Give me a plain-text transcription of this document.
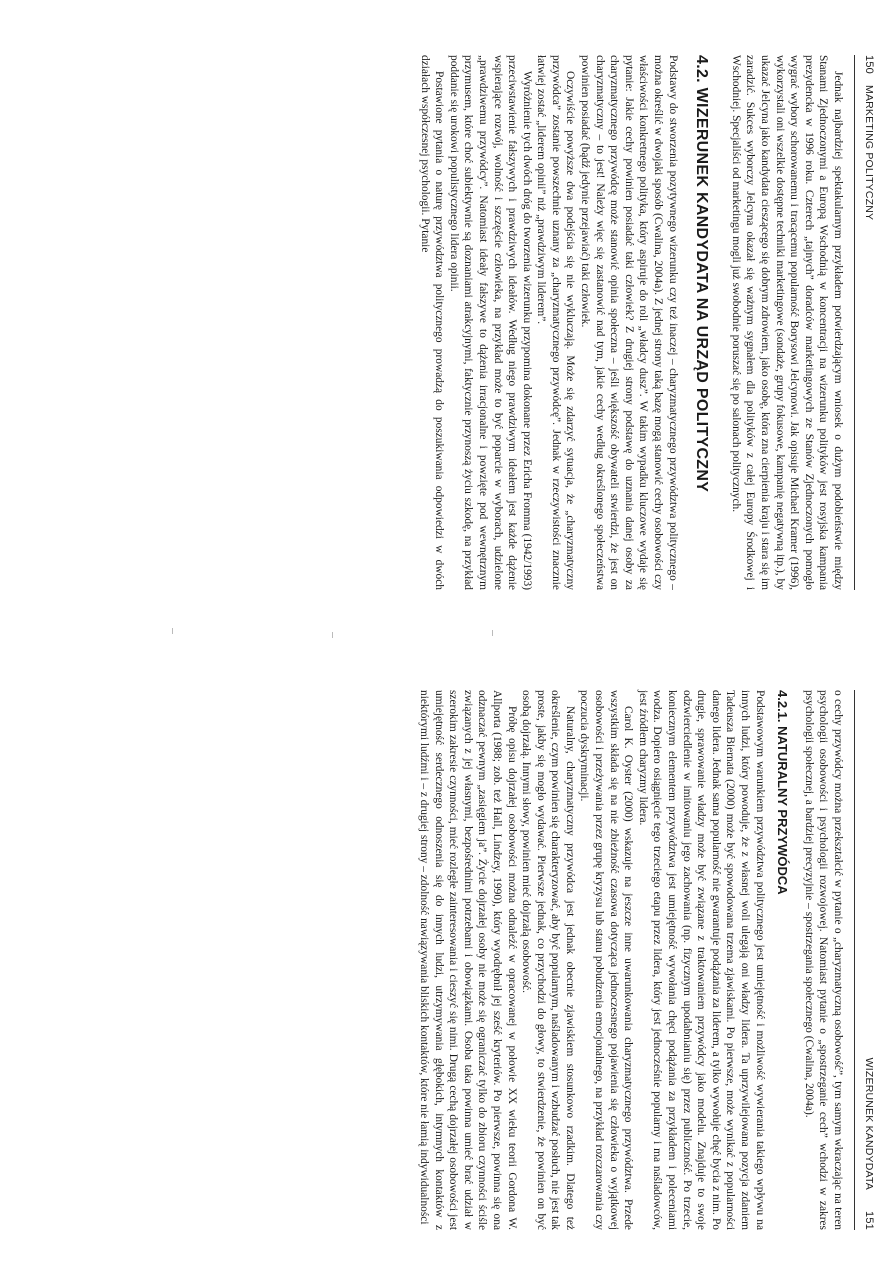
150
MARKETING POLITYCZNY

Jednak najbardziej spektakularnym przykładem potwierdzającym wniosek o dużym podobieństwie między Stanami Zjednoczonymi a Europą Wschodnią w koncentracji na wizerunku polityków jest rosyjska kampania prezydencka w 1996 roku. Czterech „tajnych” doradców marketingowych ze Stanów Zjednoczonych pomogło wygrać wybory schorowanemu i tracącemu popularność Borysowi Jelcynowi. Jak opisuje Michael Kramer (1996), wykorzystali oni wszelkie dostępne techniki marketingowe (sondaże, grupy fokusowe, kampanię negatywną itp.), by ukazać Jelcyna jako kandydata cieszącego się dobrym zdrowiem, jako osobę, która zna cierpienia kraju i stara się im zaradzić. Sukces wyborczy Jelcyna okazał się ważnym sygnałem dla polityków z całej Europy Środkowej i Wschodniej. Specjaliści od marketingu mogli już swobodnie poruszać się po salonach politycznych.

4.2. WIZERUNEK KANDYDATA NA URZĄD POLITYCZNY

Podstawy do stworzenia pozytywnego wizerunku czy też inaczej – charyzmatycznego przywództwa politycznego – można określić w dwojaki sposób (Cwalina, 2004a). Z jednej strony taką bazę mogą stanowić cechy osobowości czy właściwości konkretnego polityka, który aspiruje do roli „władcy dusz”. W takim wypadku kluczowe wydaje się pytanie: Jakie cechy powinien posiadać taki człowiek? Z drugiej strony podstawę do uznania danej osoby za charyzmatycznego przywódcę może stanowić opinia społeczna – jeśli większość obywateli stwierdzi, że jest on charyzmatyczny – to jest! Należy więc się zastanowić nad tym, jakie cechy według określonego społeczeństwa powinien posiadać (bądź jedynie przejawiać) taki człowiek.

Oczywiście powyższe dwa podejścia się nie wykluczają. Może się zdarzyć sytuacja, że „charyzmatyczny przywódca” zostanie powszechnie uznany za „charyzmatycznego przywódcę”. Jednak w rzeczywistości znacznie łatwiej zostać „liderem opinii” niż „prawdziwym liderem”.

Wyróżnienie tych dwóch dróg do tworzenia wizerunku przypomina dokonane przez Ericha Fromma (1942/1993) przeciwstawienie fałszywych i prawdziwych ideałów. Według niego prawdziwym ideałem jest każde dążenie wspierające rozwój, wolność i szczęście człowieka, na przykład może to być poparcie w wyborach, udzielone „prawdziwemu przywódcy”. Natomiast ideały fałszywe to dążenia irracjonalne i powzięte pod wewnętrznym przymusem, które choć subiektywnie są doznaniami atrakcyjnymi, faktycznie przynoszą życiu szkodę, na przykład poddanie się urokowi populistycznego lidera opinii.

Postawione pytania o naturę przywództwa politycznego prowadzą do poszukiwania odpowiedzi w dwóch działach współczesnej psychologii. Pytanie

WIZERUNEK KANDYDATA
151

o cechy przywódcy można przekształcić w pytanie o „charyzmatyczną osobowość”, tym samym wkraczając na teren psychologii osobowości i psychologii rozwojowej. Natomiast pytanie o „spostrzeganie cech” wchodzi w zakres psychologii społecznej, a bardziej precyzyjnie – spostrzegania społecznego (Cwalina, 2004a).

4.2.1. NATURALNY PRZYWÓDCA

Podstawowym warunkiem przywództwa politycznego jest umiejętność i możliwość wywierania takiego wpływu na innych ludzi, który powoduje, że z własnej woli ulegają oni władzy lidera. Ta uprzywilejowana pozycja zdaniem Tadeusza Biernata (2000) może być spowodowana trzema zjawiskami. Po pierwsze, może wynikać z popularności danego lidera. Jednak sama popularność nie gwarantuje podążania za liderem, a tylko wywołuje chęć bycia z nim. Po drugie, sprawowanie władzy może być związane z traktowaniem przywódcy jako modelu. Znajduje to swoje odzwierciedlenie w imitowaniu jego zachowania (np. fizycznym upodabnianiu się) przez publiczność. Po trzecie, koniecznym elementem przywództwa jest umiejętność wywołania chęci podążania za przykładem i poleceniami wodza. Dopiero osiągnięcie tego trzeciego etapu przez lidera, który jest jednocześnie popularny i ma naśladowców, jest źródłem charyzmy lidera.

Carol K. Oyster (2000) wskazuje na jeszcze inne uwarunkowania charyzmatycznego przywództwa. Przede wszystkim składa się na nie zbieżność czasowa dotycząca jednoczesnego pojawienia się człowieka o wyjątkowej osobowości i przeżywania przez grupę kryzysu lub stanu pobudzenia emocjonalnego, na przykład rozczarowania czy poczucia dyskryminacji.

Naturalny, charyzmatyczny przywódca jest jednak obecnie zjawiskiem stosunkowo rzadkim. Dlatego też określenie, czym powinien się charakteryzować, aby być popularnym, naśladowanym i wzbudzać posłuch, nie jest tak proste, jakby się mogło wydawać. Pierwsze jednak, co przychodzi do głowy, to stwierdzenie, że powinien on być osobą dojrzałą. Innymi słowy, powinien mieć dojrzałą osobowość.

Próbę opisu dojrzałej osobowości można odnaleźć w opracowanej w połowie XX wieku teorii Gordona W. Allporta (1988; zob. też Hall, Lindzey, 1990), który wyodrębnił jej sześć kryteriów. Po pierwsze, powinna się ona odznaczać pewnym „zasięgiem ja”. Życie dojrzałej osoby nie może się ograniczać tylko do zbioru czynności ściśle związanych z jej własnymi, bezpośrednimi potrzebami i obowiązkami. Osoba taka powinna umieć brać udział w szerokim zakresie czynności, mieć rozległe zainteresowania i cieszyć się nimi. Drugą cechą dojrzałej osobowości jest umiejętność serdecznego odnoszenia się do innych ludzi, utrzymywania głębokich, intymnych kontaktów z niektórymi ludźmi i – z drugiej strony – zdolność nawiązywania bliskich kontaktów, które nie łamią indywidualności
